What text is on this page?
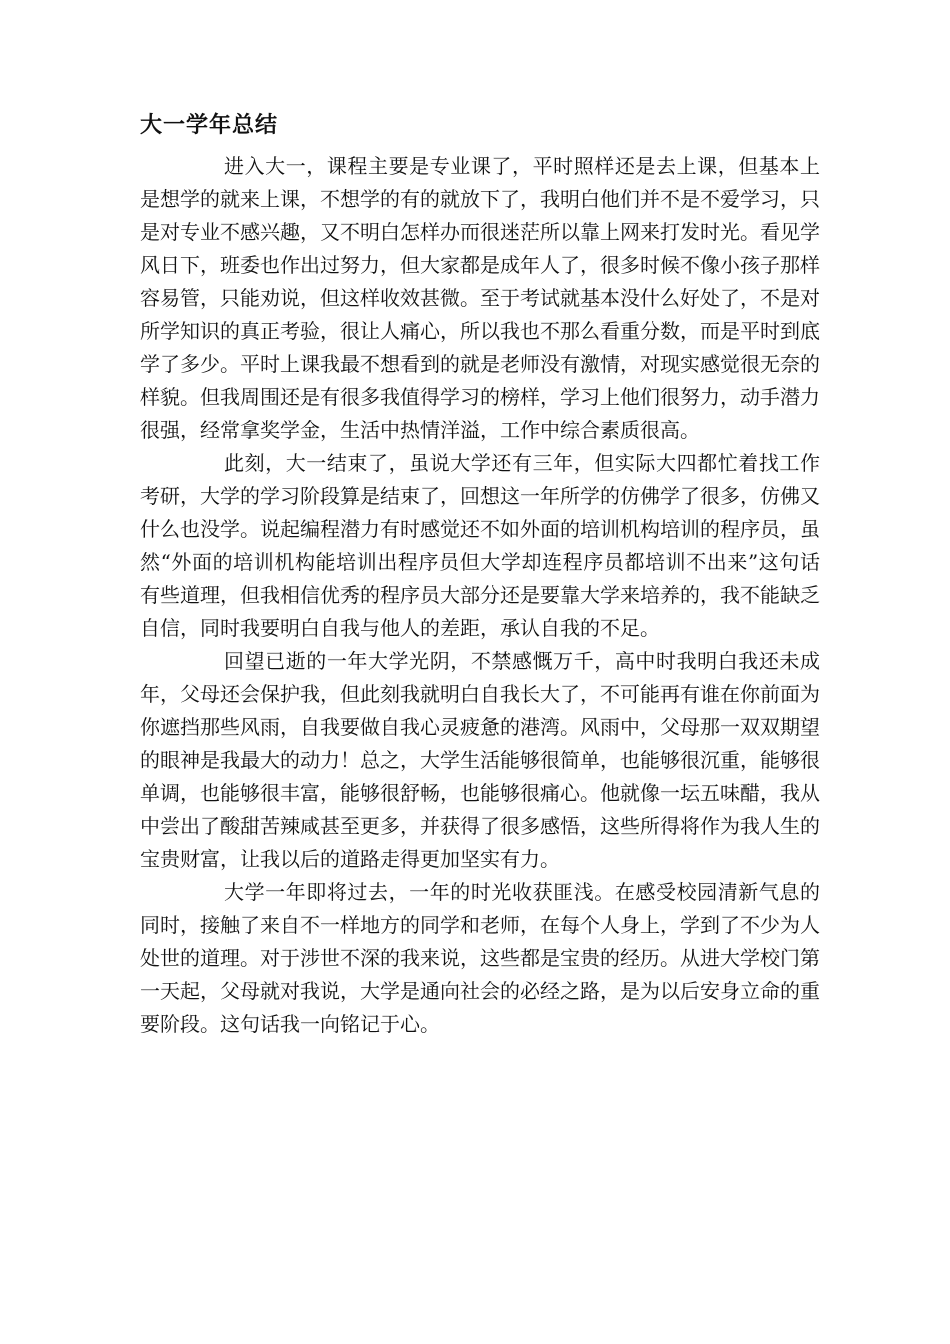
大一学年总结

进入大一，课程主要是专业课了，平时照样还是去上课，但基本上是想学的就来上课，不想学的有的就放下了，我明白他们并不是不爱学习，只是对专业不感兴趣，又不明白怎样办而很迷茫所以靠上网来打发时光。看见学风日下，班委也作出过努力，但大家都是成年人了，很多时候不像小孩子那样容易管，只能劝说，但这样收效甚微。至于考试就基本没什么好处了，不是对所学知识的真正考验，很让人痛心，所以我也不那么看重分数，而是平时到底学了多少。平时上课我最不想看到的就是老师没有激情，对现实感觉很无奈的样貌。但我周围还是有很多我值得学习的榜样，学习上他们很努力，动手潜力很强，经常拿奖学金，生活中热情洋溢，工作中综合素质很高。

此刻，大一结束了，虽说大学还有三年，但实际大四都忙着找工作考研，大学的学习阶段算是结束了，回想这一年所学的仿佛学了很多，仿佛又什么也没学。说起编程潜力有时感觉还不如外面的培训机构培训的程序员，虽然“外面的培训机构能培训出程序员但大学却连程序员都培训不出来”这句话有些道理，但我相信优秀的程序员大部分还是要靠大学来培养的，我不能缺乏自信，同时我要明白自我与他人的差距，承认自我的不足。

回望已逝的一年大学光阴，不禁感慨万千，高中时我明白我还未成年，父母还会保护我，但此刻我就明白自我长大了，不可能再有谁在你前面为你遮挡那些风雨，自我要做自我心灵疲惫的港湾。风雨中，父母那一双双期望的眼神是我最大的动力！总之，大学生活能够很简单，也能够很沉重，能够很单调，也能够很丰富，能够很舒畅，也能够很痛心。他就像一坛五味醋，我从中尝出了酸甜苦辣咸甚至更多，并获得了很多感悟，这些所得将作为我人生的宝贵财富，让我以后的道路走得更加坚实有力。

大学一年即将过去，一年的时光收获匪浅。在感受校园清新气息的同时，接触了来自不一样地方的同学和老师，在每个人身上，学到了不少为人处世的道理。对于涉世不深的我来说，这些都是宝贵的经历。从进大学校门第一天起，父母就对我说，大学是通向社会的必经之路，是为以后安身立命的重要阶段。这句话我一向铭记于心。
